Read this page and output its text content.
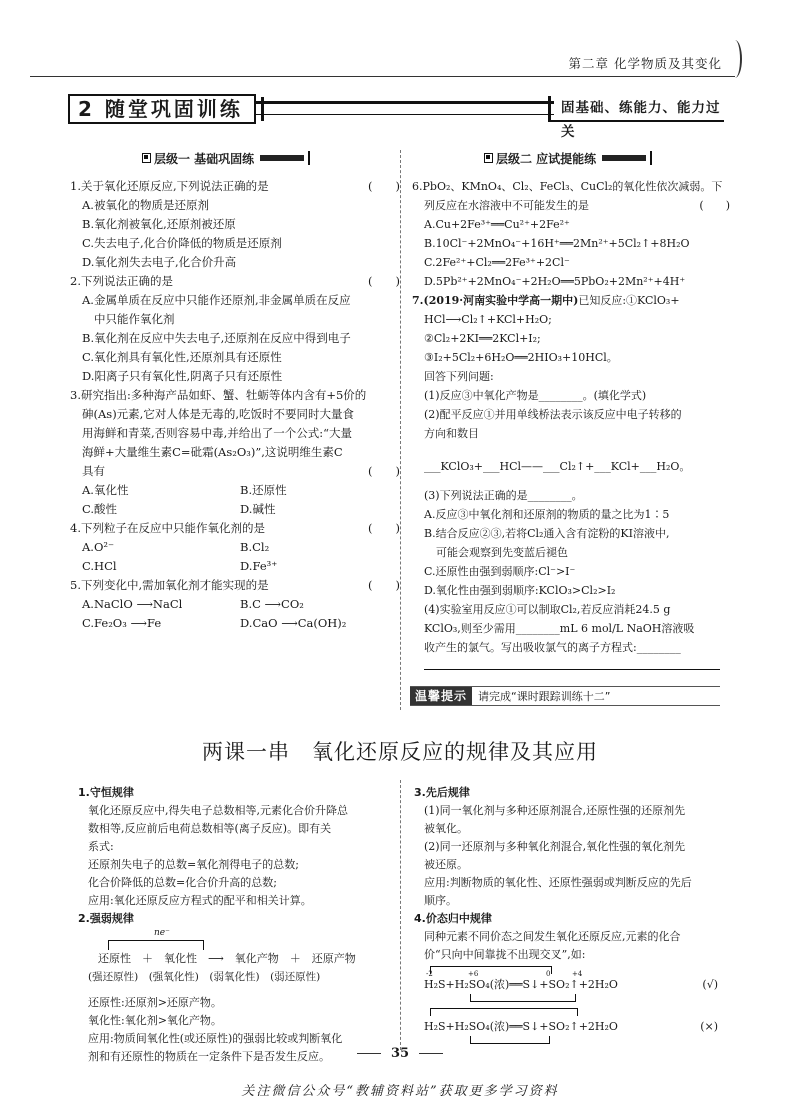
第二章 化学物质及其变化
2 随堂巩固训练	固基础、练能力、能力过关
层级一 基础巩固练

1.关于氧化还原反应,下列说法正确的是	(　　)

A.被氧化的物质是还原剂

B.氧化剂被氧化,还原剂被还原

C.失去电子,化合价降低的物质是还原剂

D.氧化剂失去电子,化合价升高

2.下列说法正确的是	(　　)

A.金属单质在反应中只能作还原剂,非金属单质在反应

中只能作氧化剂

B.氧化剂在反应中失去电子,还原剂在反应中得到电子

C.氧化剂具有氧化性,还原剂具有还原性

D.阳离子只有氧化性,阴离子只有还原性

3.研究指出:多种海产品如虾、蟹、牡蛎等体内含有+5价的

砷(As)元素,它对人体是无毒的,吃饭时不要同时大量食

用海鲜和青菜,否则容易中毒,并给出了一个公式:“大量

海鲜+大量维生素C=砒霜(As₂O₃)”,这说明维生素C

具有	(　　)

A.氧化性	B.还原性
C.酸性	D.碱性

4.下列粒子在反应中只能作氧化剂的是	(　　)

A.O²⁻	B.Cl₂
C.HCl	D.Fe³⁺

5.下列变化中,需加氧化剂才能实现的是	(　　)

A.NaClO ⟶NaCl	B.C ⟶CO₂
C.Fe₂O₃ ⟶Fe	D.CaO ⟶Ca(OH)₂
层级二 应试提能练

6.PbO₂、KMnO₄、Cl₂、FeCl₃、CuCl₂的氧化性依次减弱。下

列反应在水溶液中不可能发生的是	(　　)

A.Cu+2Fe³⁺══Cu²⁺+2Fe²⁺

B.10Cl⁻+2MnO₄⁻+16H⁺══2Mn²⁺+5Cl₂↑+8H₂O

C.2Fe²⁺+Cl₂══2Fe³⁺+2Cl⁻

D.5Pb²⁺+2MnO₄⁻+2H₂O══5PbO₂+2Mn²⁺+4H⁺

7.(2019·河南实验中学高一期中)已知反应:①KClO₃+

HCl⟶Cl₂↑+KCl+H₂O;

②Cl₂+2KI══2KCl+I₂;

③I₂+5Cl₂+6H₂O══2HIO₃+10HCl。

回答下列问题:

(1)反应③中氧化产物是________。(填化学式)

(2)配平反应①并用单线桥法表示该反应中电子转移的

方向和数目

___KClO₃+___HCl——___Cl₂↑+___KCl+___H₂O。

(3)下列说法正确的是________。

A.反应③中氧化剂和还原剂的物质的量之比为1∶5

B.结合反应②③,若将Cl₂通入含有淀粉的KI溶液中,

可能会观察到先变蓝后褪色

C.还原性由强到弱顺序:Cl⁻>I⁻

D.氧化性由强到弱顺序:KClO₃>Cl₂>I₂

(4)实验室用反应①可以制取Cl₂,若反应消耗24.5 g

KClO₃,则至少需用________mL 6 mol/L NaOH溶液吸

收产生的氯气。写出吸收氯气的离子方程式:________

温馨提示	请完成“课时跟踪训练十二”
两课一串　氧化还原反应的规律及其应用

1.守恒规律

氧化还原反应中,得失电子总数相等,元素化合价升降总

数相等,反应前后电荷总数相等(离子反应)。即有关

系式:

还原剂失电子的总数=氧化剂得电子的总数;

化合价降低的总数=化合价升高的总数;

应用:氧化还原反应方程式的配平和相关计算。

2.强弱规律

ne⁻

还原性　＋　氧化性　⟶　氧化产物　＋　还原产物

(强还原性)　(强氧化性)　(弱氧化性)　(弱还原性)

还原性:还原剂>还原产物。

氧化性:氧化剂>氧化产物。

应用:物质间氧化性(或还原性)的强弱比较或判断氧化

剂和有还原性的物质在一定条件下是否发生反应。

3.先后规律

(1)同一氧化剂与多种还原剂混合,还原性强的还原剂先

被氧化。

(2)同一还原剂与多种氧化剂混合,氧化性强的氧化剂先

被还原。

应用:判断物质的氧化性、还原性强弱或判断反应的先后

顺序。

4.价态归中规律

同种元素不同价态之间发生氧化还原反应,元素的化合

价“只向中间靠拢不出现交叉”,如:

-2	+6	0	+4

H₂S+H₂SO₄(浓)══S↓+SO₂↑+2H₂O	(√)

H₂S+H₂SO₄(浓)══S↓+SO₂↑+2H₂O	(×)
35
关注微信公众号“教辅资料站”获取更多学习资料
